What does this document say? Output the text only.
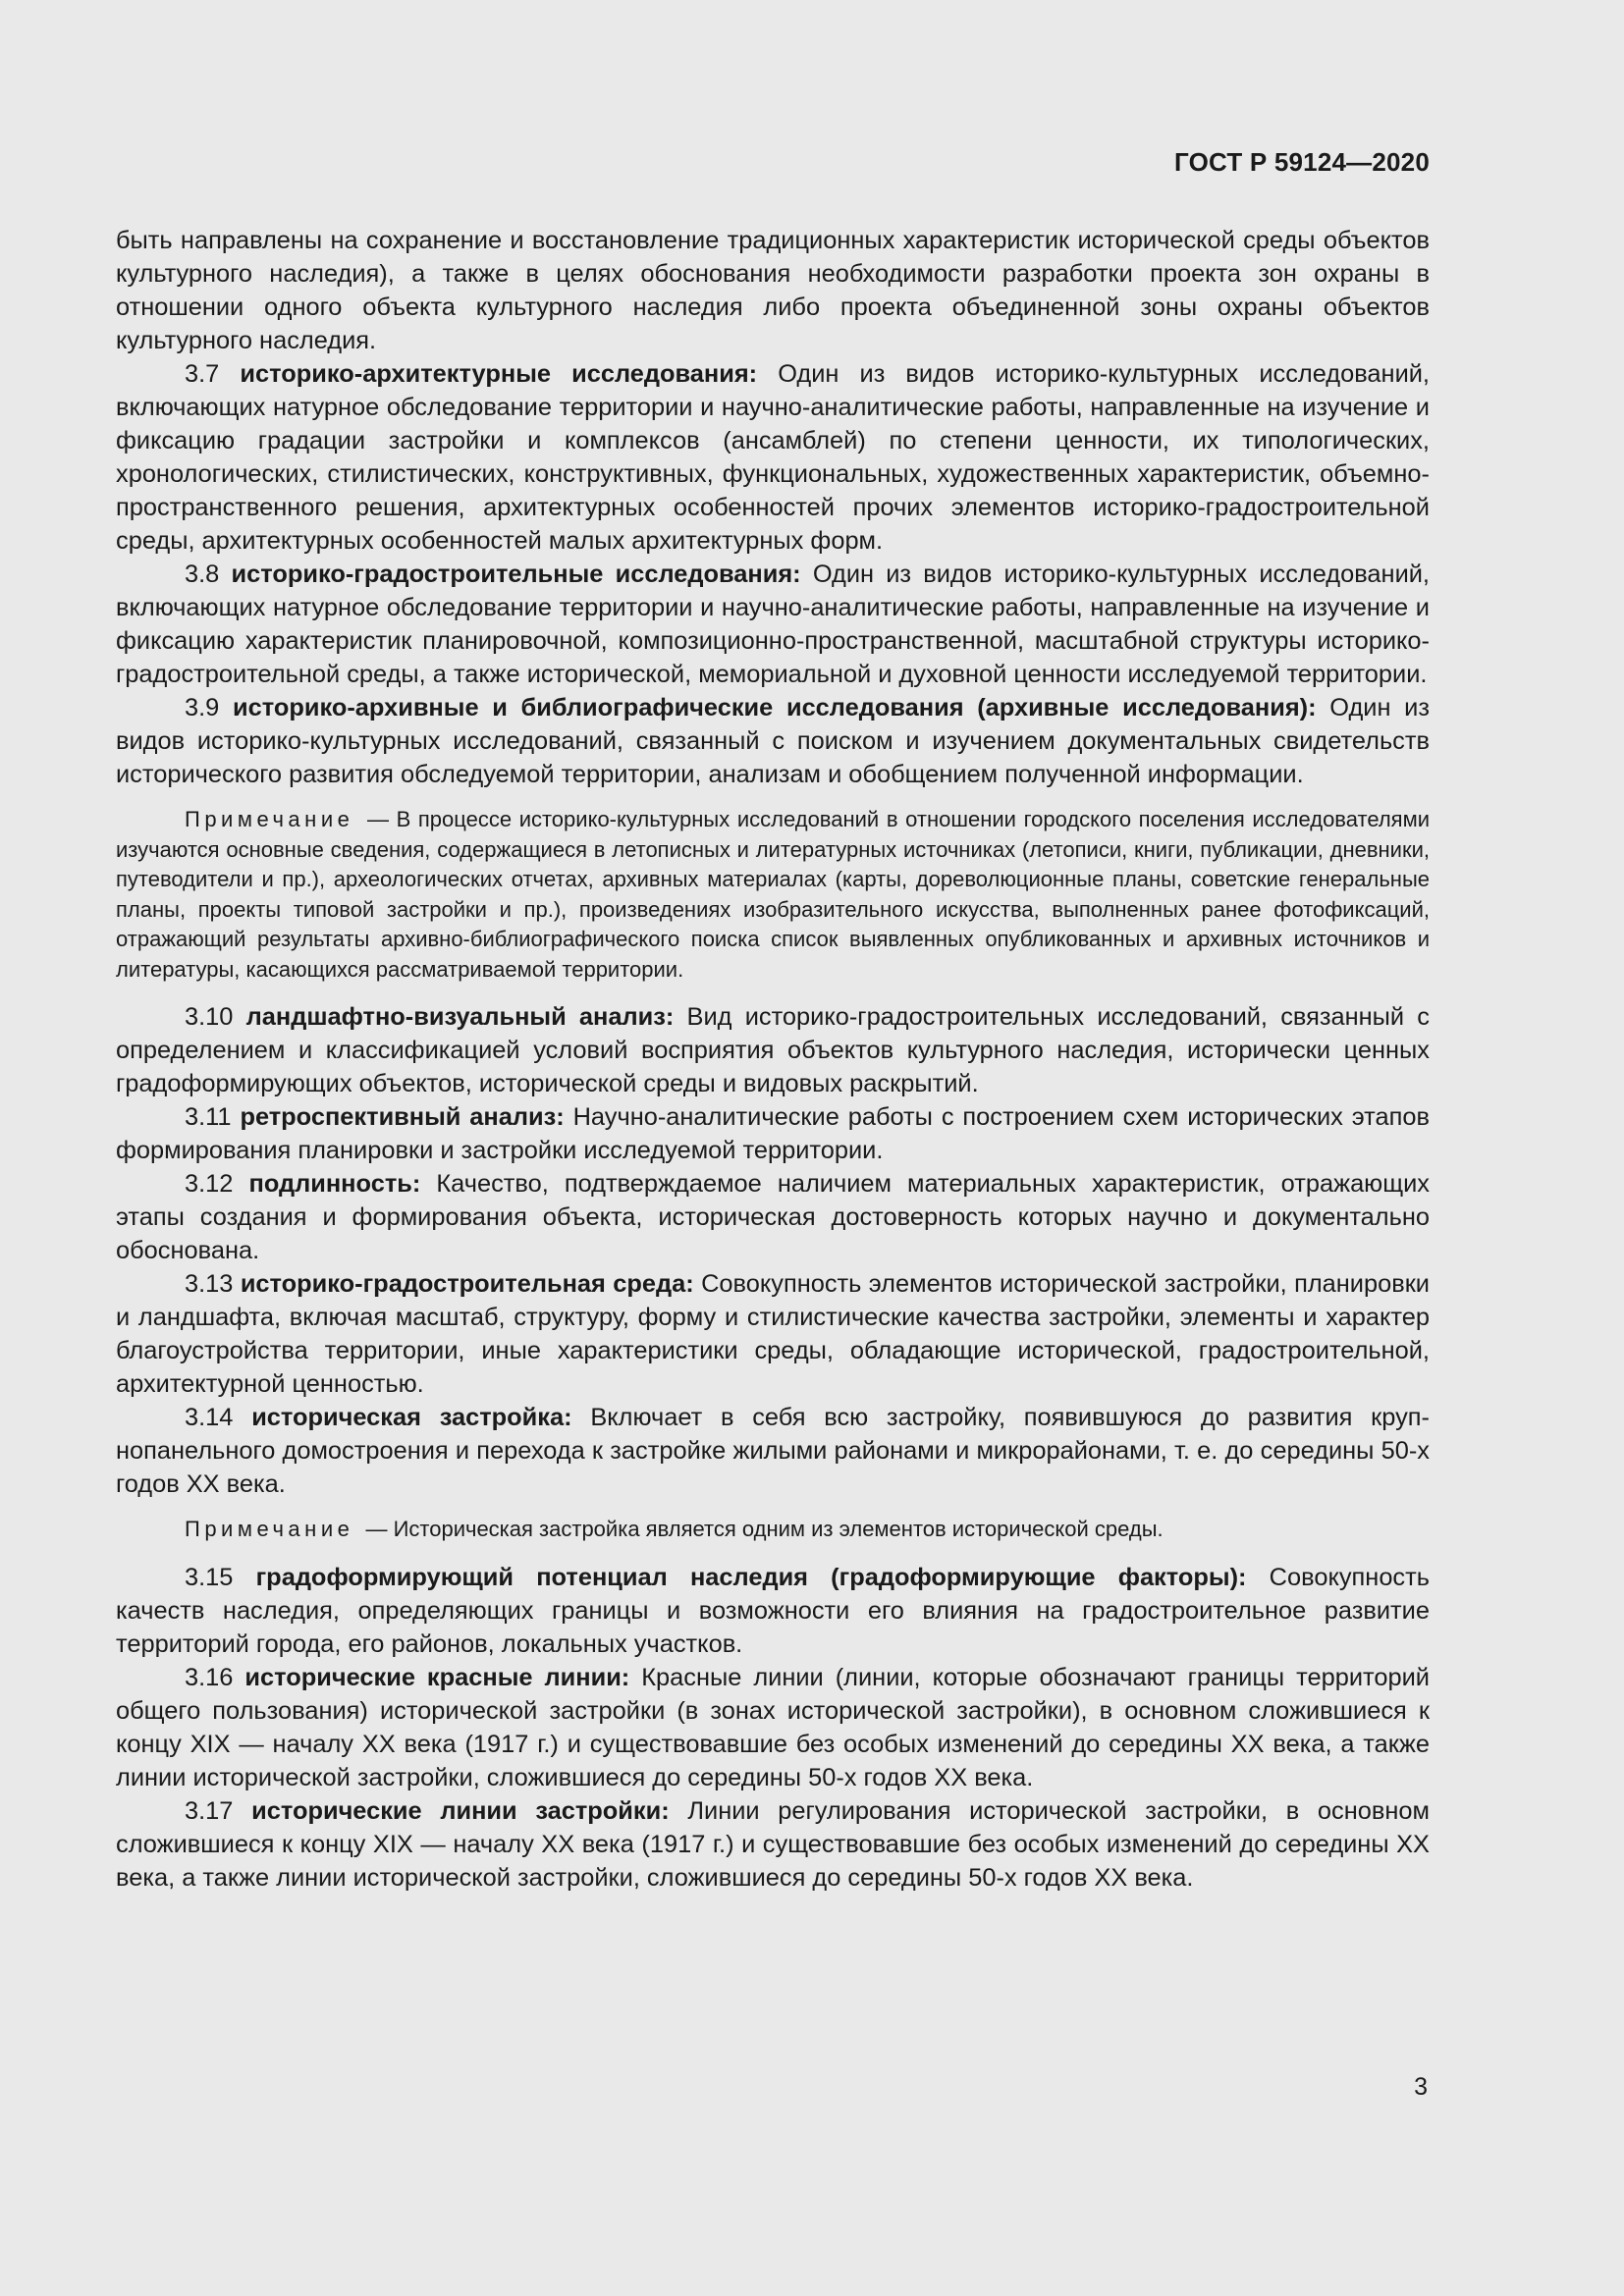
ГОСТ Р 59124—2020

быть направлены на сохранение и восстановление традиционных характеристик исторической среды объектов культурного наследия), а также в целях обоснования необходимости разработки проекта зон охраны в отношении одного объекта культурного наследия либо проекта объединенной зоны охраны объектов культурного наследия.

3.7 историко-архитектурные исследования: Один из видов историко-культурных исследований, включающих натурное обследование территории и научно-аналитические работы, направленные на изучение и фиксацию градации застройки и комплексов (ансамблей) по степени ценности, их типологических, хронологических, стилистических, конструктивных, функциональных, художественных характеристик, объемно-пространственного решения, архитектурных особенностей прочих элементов историко-градостроительной среды, архитектурных особенностей малых архитектурных форм.

3.8 историко-градостроительные исследования: Один из видов историко-культурных исследований, включающих натурное обследование территории и научно-аналитические работы, направленные на изучение и фиксацию характеристик планировочной, композиционно-пространственной, масштабной структуры историко-градостроительной среды, а также исторической, мемориальной и духовной ценности исследуемой территории.

3.9 историко-архивные и библиографические исследования (архивные исследования): Один из видов историко-культурных исследований, связанный с поиском и изучением документальных свидетельств исторического развития обследуемой территории, анализам и обобщением полученной информации.

Примечание — В процессе историко-культурных исследований в отношении городского поселения исследователями изучаются основные сведения, содержащиеся в летописных и литературных источниках (летописи, книги, публикации, дневники, путеводители и пр.), археологических отчетах, архивных материалах (карты, дореволюционные планы, советские генеральные планы, проекты типовой застройки и пр.), произведениях изобразительного искусства, выполненных ранее фотофиксаций, отражающий результаты архивно-библиографического поиска список выявленных опубликованных и архивных источников и литературы, касающихся рассматриваемой территории.

3.10 ландшафтно-визуальный анализ: Вид историко-градостроительных исследований, связанный с определением и классификацией условий восприятия объектов культурного наследия, исторически ценных градоформирующих объектов, исторической среды и видовых раскрытий.

3.11 ретроспективный анализ: Научно-аналитические работы с построением схем исторических этапов формирования планировки и застройки исследуемой территории.

3.12 подлинность: Качество, подтверждаемое наличием материальных характеристик, отражающих этапы создания и формирования объекта, историческая достоверность которых научно и документально обоснована.

3.13 историко-градостроительная среда: Совокупность элементов исторической застройки, планировки и ландшафта, включая масштаб, структуру, форму и стилистические качества застройки, элементы и характер благоустройства территории, иные характеристики среды, обладающие исторической, градостроительной, архитектурной ценностью.

3.14 историческая застройка: Включает в себя всю застройку, появившуюся до развития крупнопанельного домостроения и перехода к застройке жилыми районами и микрорайонами, т. е. до середины 50-х годов XX века.

Примечание — Историческая застройка является одним из элементов исторической среды.

3.15 градоформирующий потенциал наследия (градоформирующие факторы): Совокупность качеств наследия, определяющих границы и возможности его влияния на градостроительное развитие территорий города, его районов, локальных участков.

3.16 исторические красные линии: Красные линии (линии, которые обозначают границы территорий общего пользования) исторической застройки (в зонах исторической застройки), в основном сложившиеся к концу XIX — началу XX века (1917 г.) и существовавшие без особых изменений до середины XX века, а также линии исторической застройки, сложившиеся до середины 50-х годов XX века.

3.17 исторические линии застройки: Линии регулирования исторической застройки, в основном сложившиеся к концу XIX — началу XX века (1917 г.) и существовавшие без особых изменений до середины XX века, а также линии исторической застройки, сложившиеся до середины 50-х годов XX века.

3
